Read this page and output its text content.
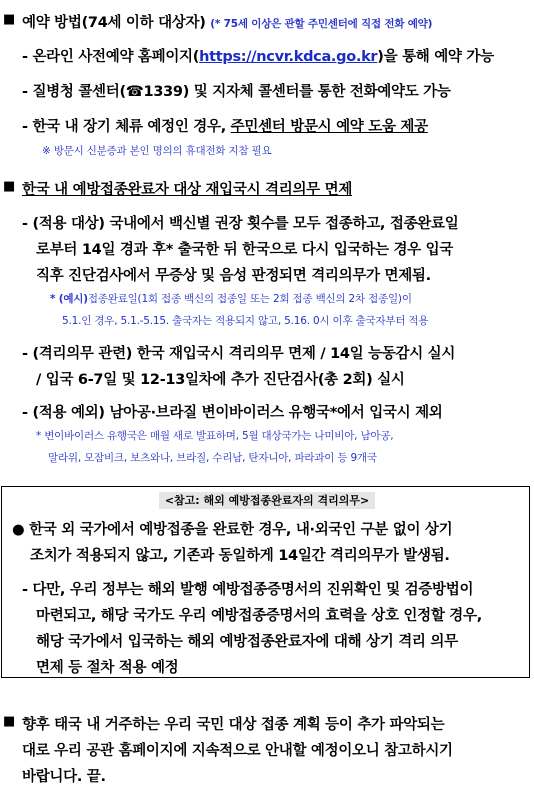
■ 예약 방법(74세 이하 대상자) (* 75세 이상은 관할 주민센터에 직접 전화 예약)
- 온라인 사전예약 홈페이지(https://ncvr.kdca.go.kr)을 통해 예약 가능
- 질병청 콜센터(☎1339) 및 지자체 콜센터를 통한 전화예약도 가능
- 한국 내 장기 체류 예정인 경우, 주민센터 방문시 예약 도움 제공
※ 방문시 신분증과 본인 명의의 휴대전화 지참 필요
■ 한국 내 예방접종완료자 대상 재입국시 격리의무 면제
- (적용 대상) 국내에서 백신별 권장 횟수를 모두 접종하고, 접종완료일
로부터 14일 경과 후* 출국한 뒤 한국으로 다시 입국하는 경우 입국
직후 진단검사에서 무증상 및 음성 판정되면 격리의무가 면제됨.
* (예시)접종완료일(1회 접종 백신의 접종일 또는 2회 접종 백신의 2차 접종일)이
5.1.인 경우, 5.1.-5.15. 출국자는 적용되지 않고, 5.16. 0시 이후 출국자부터 적용
- (격리의무 관련) 한국 재입국시 격리의무 면제 / 14일 능동감시 실시
/ 입국 6-7일 및 12-13일차에 추가 진단검사(총 2회) 실시
- (적용 예외) 남아공·브라질 변이바이러스 유행국*에서 입국시 제외
* 변이바이러스 유행국은 매월 새로 발표하며, 5월 대상국가는 나미비아, 남아공,
말라위, 모잠비크, 보츠와나, 브라질, 수리남, 탄자니아, 파라과이 등 9개국
<참고: 해외 예방접종완료자의 격리의무>
● 한국 외 국가에서 예방접종을 완료한 경우, 내·외국인 구분 없이 상기
조치가 적용되지 않고, 기존과 동일하게 14일간 격리의무가 발생됨.
- 다만, 우리 정부는 해외 발행 예방접종증명서의 진위확인 및 검증방법이
마련되고, 해당 국가도 우리 예방접종증명서의 효력을 상호 인정할 경우,
해당 국가에서 입국하는 해외 예방접종완료자에 대해 상기 격리 의무
면제 등 절차 적용 예정
■ 향후 태국 내 거주하는 우리 국민 대상 접종 계획 등이 추가 파악되는
대로 우리 공관 홈페이지에 지속적으로 안내할 예정이오니 참고하시기
바랍니다. 끝.
